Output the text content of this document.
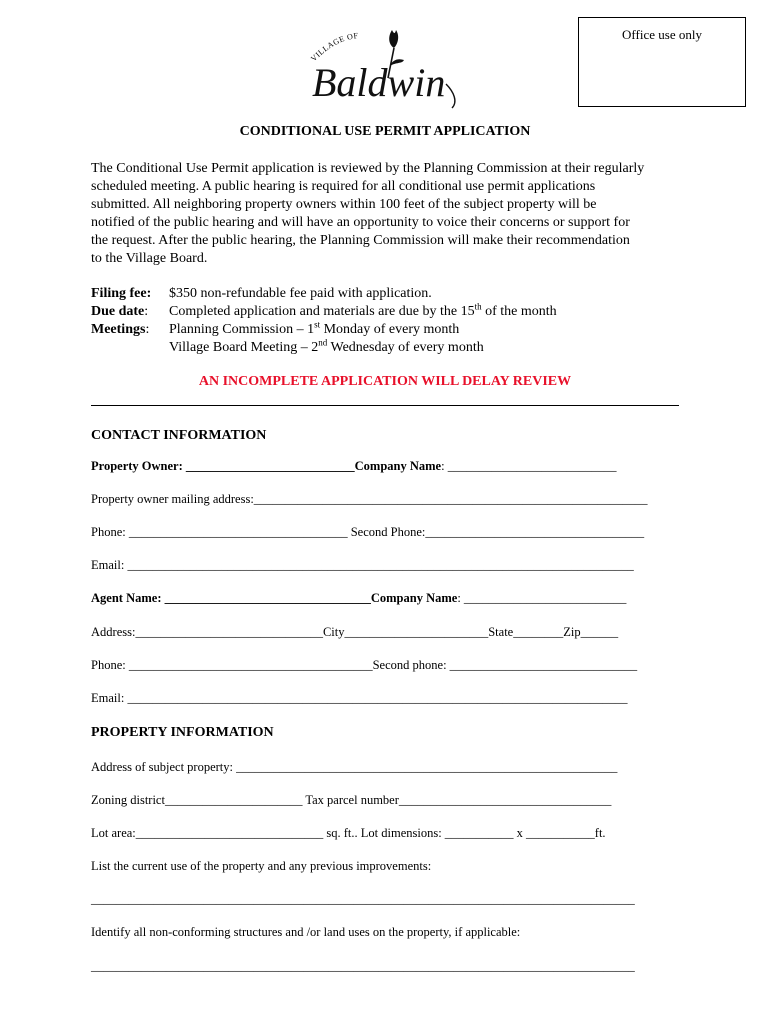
Office use only
VILLAGE OF
Baldwin
CONDITIONAL USE PERMIT APPLICATION
The Conditional Use Permit application is reviewed by the Planning Commission at their regularly
scheduled meeting. A public hearing is required for all conditional use permit applications
submitted. All neighboring property owners within 100 feet of the subject property will be
notified of the public hearing and will have an opportunity to voice their concerns or support for
the request. After the public hearing, the Planning Commission will make their recommendation
to the Village Board.
Filing fee: $350 non-refundable fee paid with application.
Due date: Completed application and materials are due by the 15th of the month
Meetings: Planning Commission – 1st Monday of every month
Village Board Meeting – 2nd Wednesday of every month
AN INCOMPLETE APPLICATION WILL DELAY REVIEW
CONTACT INFORMATION
Property Owner: ___________________________Company Name: ___________________________
Property owner mailing address:_______________________________________________________________
Phone: ___________________________________ Second Phone:___________________________________
Email: _________________________________________________________________________________
Agent Name: _________________________________Company Name: __________________________
Address:______________________________City_______________________State________Zip______
Phone: _______________________________________Second phone: ______________________________
Email: ________________________________________________________________________________
PROPERTY INFORMATION
Address of subject property: _____________________________________________________________
Zoning district______________________ Tax parcel number__________________________________
Lot area:______________________________ sq. ft.. Lot dimensions: ___________ x ___________ft.
List the current use of the property and any previous improvements:
_______________________________________________________________________________________
Identify all non-conforming structures and /or land uses on the property, if applicable:
_______________________________________________________________________________________
